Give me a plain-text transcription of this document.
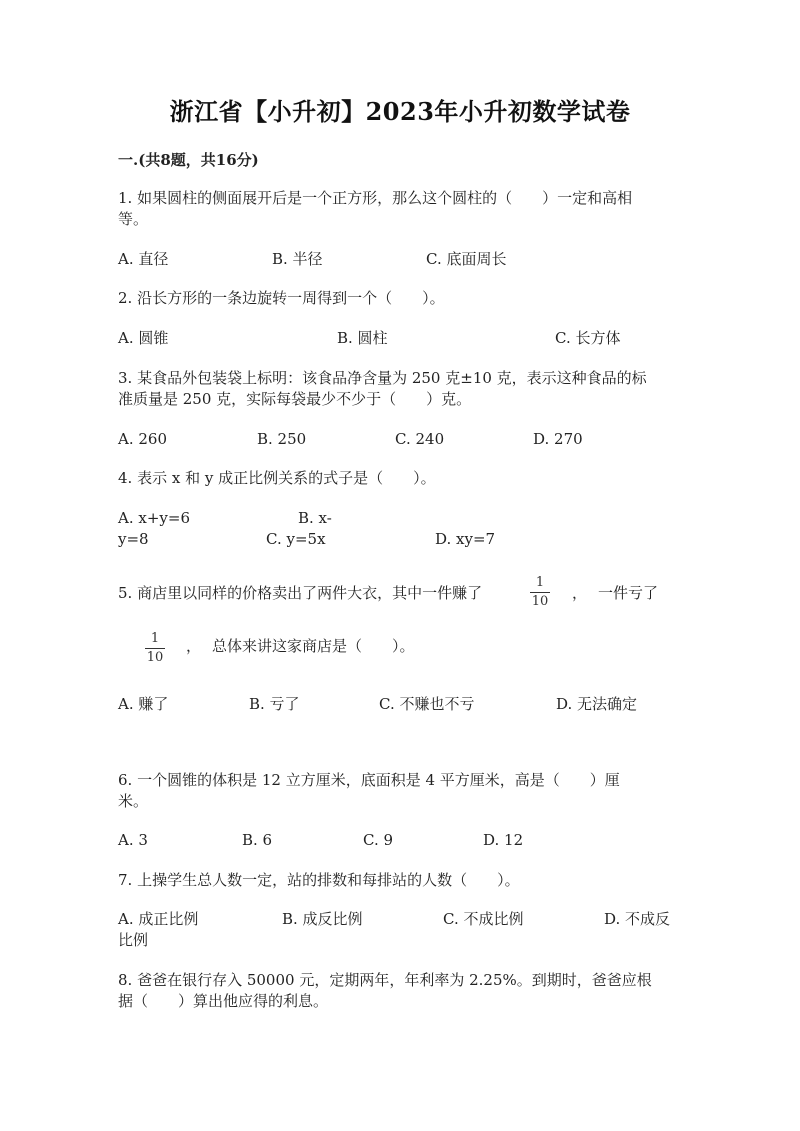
浙江省【小升初】2023年小升初数学试卷
一.(共8题，共16分)
1. 如果圆柱的侧面展开后是一个正方形，那么这个圆柱的（　　）一定和高相
等。
A. 直径	B. 半径	C. 底面周长
2. 沿长方形的一条边旋转一周得到一个（　　）。
A. 圆锥	B. 圆柱	C. 长方体
3. 某食品外包装袋上标明：该食品净含量为 250 克±10 克，表示这种食品的标
准质量是 250 克，实际每袋最少不少于（　　）克。
A. 260	B. 250	C. 240	D. 270
4. 表示 x 和 y 成正比例关系的式子是（　　）。
A. x+y=6	B. x-
y=8	C. y=5x	D. xy=7
5. 商店里以同样的价格卖出了两件大衣，其中一件赚了
1
10 ， 一件亏了
1
10
， 总体来讲这家商店是（　　）。
A. 赚了	B. 亏了	C. 不赚也不亏	D. 无法确定
6. 一个圆锥的体积是 12 立方厘米，底面积是 4 平方厘米，高是（　　）厘
米。
A. 3	B. 6	C. 9	D. 12
7. 上操学生总人数一定，站的排数和每排站的人数（　　）。
A. 成正比例	B. 成反比例	C. 不成比例	D. 不成反
比例
8. 爸爸在银行存入 50000 元，定期两年，年利率为 2.25%。到期时，爸爸应根
据（　　）算出他应得的利息。
